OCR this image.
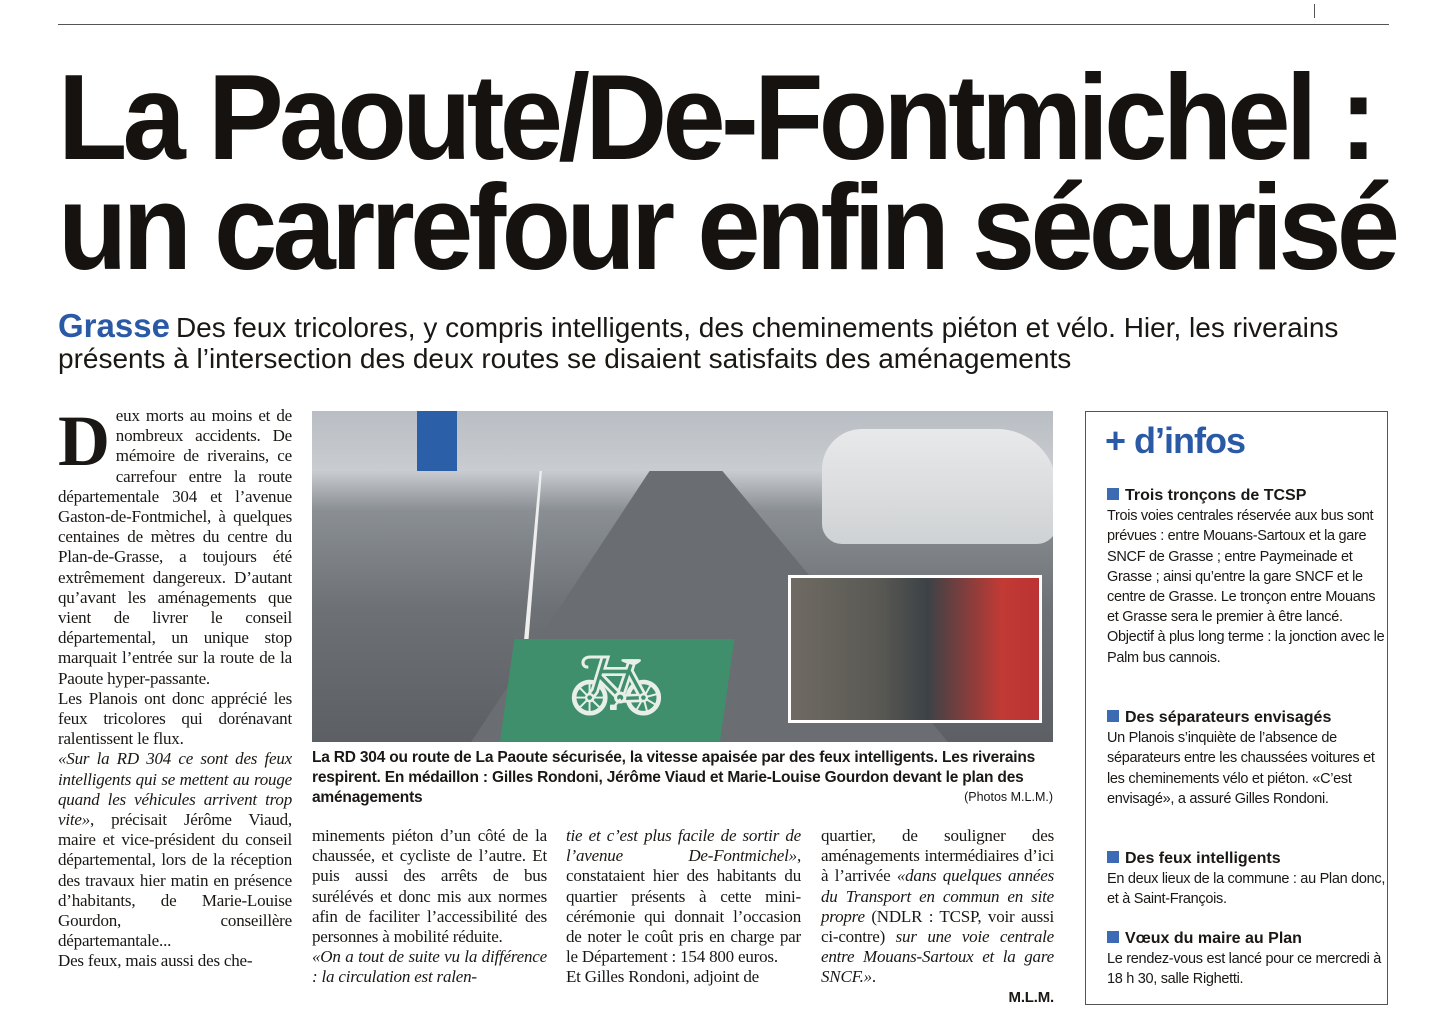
La Paoute/De-Fontmichel :
un carrefour enfin sécurisé
Grasse Des feux tricolores, y compris intelligents, des cheminements piéton et vélo. Hier, les riverains présents à l’intersection des deux routes se disaient satisfaits des aménagements

Deux morts au moins et de nombreux accidents. De mémoire de riverains, ce carrefour entre la route départementale 304 et l’avenue Gaston-de-Fontmichel, à quelques centaines de mètres du centre du Plan-de-Grasse, a toujours été extrêmement dangereux. D’autant qu’avant les aménagements que vient de livrer le conseil départemental, un unique stop marquait l’entrée sur la route de la Paoute hyper-passante.

Les Planois ont donc apprécié les feux tricolores qui dorénavant ralentissent le flux.

«Sur la RD 304 ce sont des feux intelligents qui se mettent au rouge quand les véhicules arrivent trop vite», précisait Jérôme Viaud, maire et vice-président du conseil départemental, lors de la réception des travaux hier matin en présence d’habitants, de Marie-Louise Gourdon, conseillère départemantale...

Des feux, mais aussi des che-

🚲︎
La RD 304 ou route de La Paoute sécurisée, la vitesse apaisée par des feux intelligents. Les riverains respirent. En médaillon : Gilles Rondoni, Jérôme Viaud et Marie-Louise Gourdon devant le plan des aménagements	(Photos M.L.M.)

minements piéton d’un côté de la chaussée, et cycliste de l’autre. Et puis aussi des arrêts de bus surélévés et donc mis aux normes afin de faciliter l’accessibilité des personnes à mobilité réduite.

«On a tout de suite vu la différence : la circulation est ralen-

tie et c’est plus facile de sortir de l’avenue De-Fontmichel», constataient hier des habitants du quartier présents à cette mini-cérémonie qui donnait l’occasion de noter le coût pris en charge par le Département : 154 800 euros.

Et Gilles Rondoni, adjoint de

quartier, de souligner des aménagements intermédiaires d’ici à l’arrivée «dans quelques années du Transport en commun en site propre (NDLR : TCSP, voir aussi ci-contre) sur une voie centrale entre Mouans-Sartoux et la gare SNCF.».

M.L.M.

+ d’infos
Trois tronçons de TCSP

Trois voies centrales réservée aux bus sont prévues : entre Mouans-Sartoux et la gare SNCF de Grasse ; entre Paymeinade et Grasse ; ainsi qu’entre la gare SNCF et le centre de Grasse. Le tronçon entre Mouans et Grasse sera le premier à être lancé. Objectif à plus long terme : la jonction avec le Palm bus cannois.

Des séparateurs envisagés

Un Planois s’inquiète de l’absence de séparateurs entre les chaussées voitures et les cheminements vélo et piéton. «C’est envisagé», a assuré Gilles Rondoni.

Des feux intelligents

En deux lieux de la commune : au Plan donc, et à Saint-François.

Vœux du maire au Plan

Le rendez-vous est lancé pour ce mercredi à 18 h 30, salle Righetti.
